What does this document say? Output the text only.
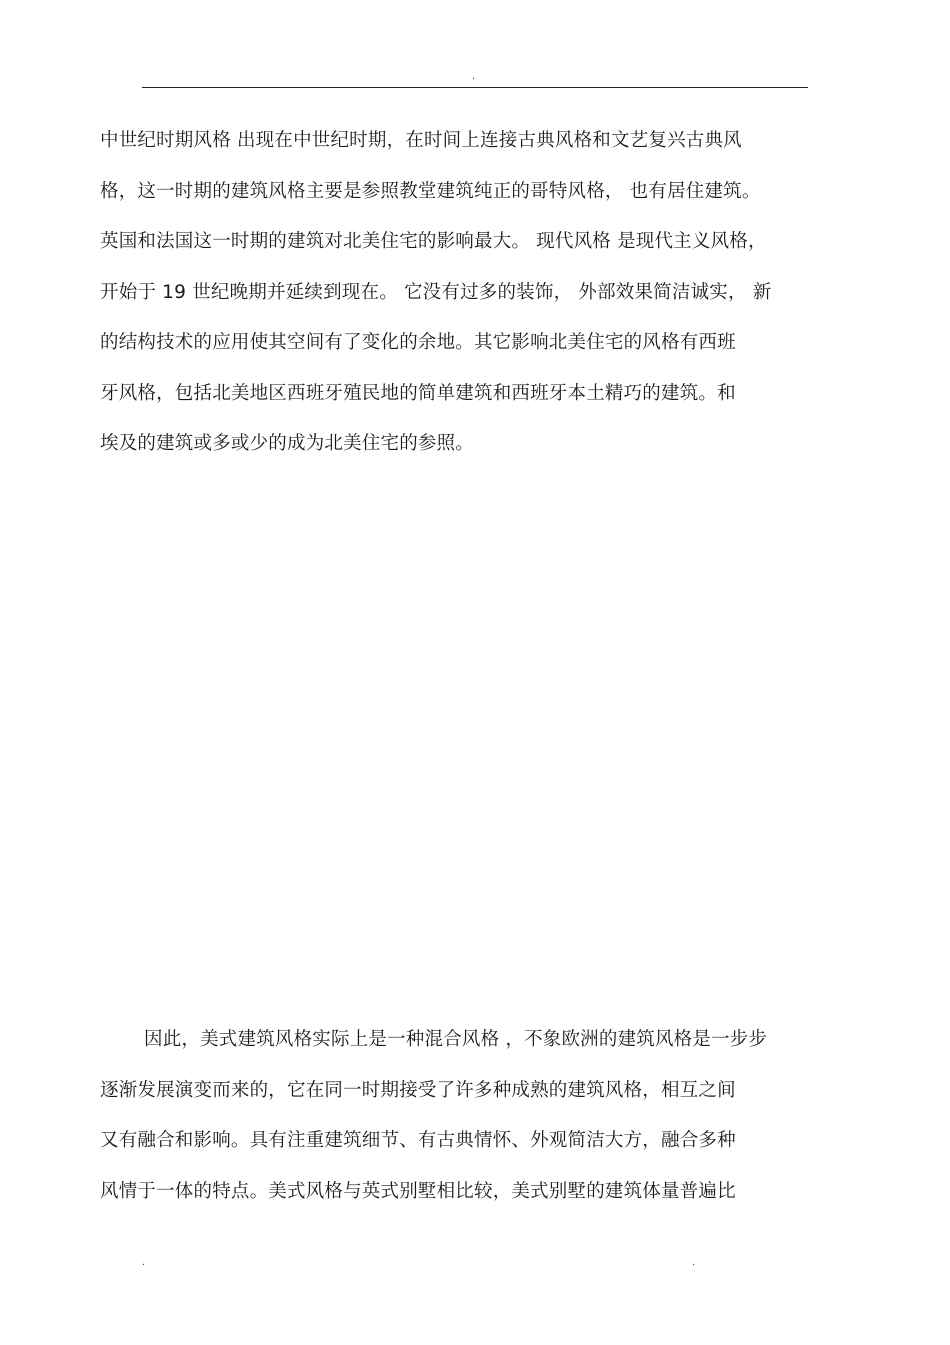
.
中世纪时期风格 出现在中世纪时期，在时间上连接古典风格和文艺复兴古典风
格，这一时期的建筑风格主要是参照教堂建筑纯正的哥特风格， 也有居住建筑。
英国和法国这一时期的建筑对北美住宅的影响最大。 现代风格 是现代主义风格，
开始于 19 世纪晚期并延续到现在。 它没有过多的装饰， 外部效果简洁诚实， 新
的结构技术的应用使其空间有了变化的余地。其它影响北美住宅的风格有西班
牙风格，包括北美地区西班牙殖民地的简单建筑和西班牙本土精巧的建筑。和
埃及的建筑或多或少的成为北美住宅的参照。
因此，美式建筑风格实际上是一种混合风格 ，不象欧洲的建筑风格是一步步
逐渐发展演变而来的，它在同一时期接受了许多种成熟的建筑风格，相互之间
又有融合和影响。具有注重建筑细节、有古典情怀、外观简洁大方，融合多种
风情于一体的特点。美式风格与英式别墅相比较，美式别墅的建筑体量普遍比
.	.
